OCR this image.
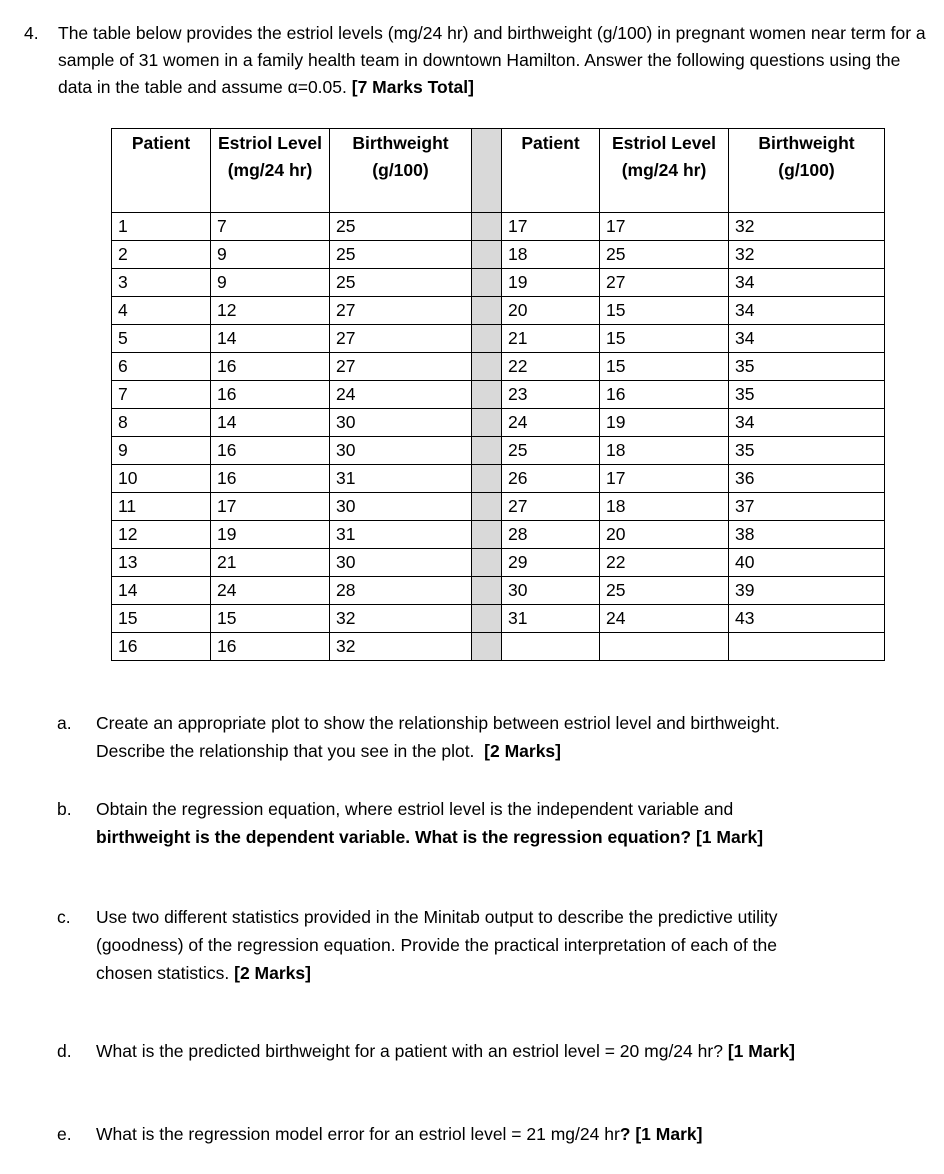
4. The table below provides the estriol levels (mg/24 hr) and birthweight (g/100) in pregnant women near term for a sample of 31 women in a family health team in downtown Hamilton. Answer the following questions using the data in the table and assume α=0.05. [7 Marks Total]
Patient	Estriol Level (mg/24 hr)	Birthweight (g/100)		Patient	Estriol Level (mg/24 hr)	Birthweight (g/100)
1	7	25		17	17	32
2	9	25		18	25	32
3	9	25		19	27	34
4	12	27		20	15	34
5	14	27		21	15	34
6	16	27		22	15	35
7	16	24		23	16	35
8	14	30		24	19	34
9	16	30		25	18	35
10	16	31		26	17	36
11	17	30		27	18	37
12	19	31		28	20	38
13	21	30		29	22	40
14	24	28		30	25	39
15	15	32		31	24	43
16	16	32				
a. Create an appropriate plot to show the relationship between estriol level and birthweight.
Describe the relationship that you see in the plot. [2 Marks]
b. Obtain the regression equation, where estriol level is the independent variable and
birthweight is the dependent variable. What is the regression equation? [1 Mark]
c. Use two different statistics provided in the Minitab output to describe the predictive utility
(goodness) of the regression equation. Provide the practical interpretation of each of the
chosen statistics. [2 Marks]
d. What is the predicted birthweight for a patient with an estriol level = 20 mg/24 hr? [1 Mark]
e. What is the regression model error for an estriol level = 21 mg/24 hr? [1 Mark]
